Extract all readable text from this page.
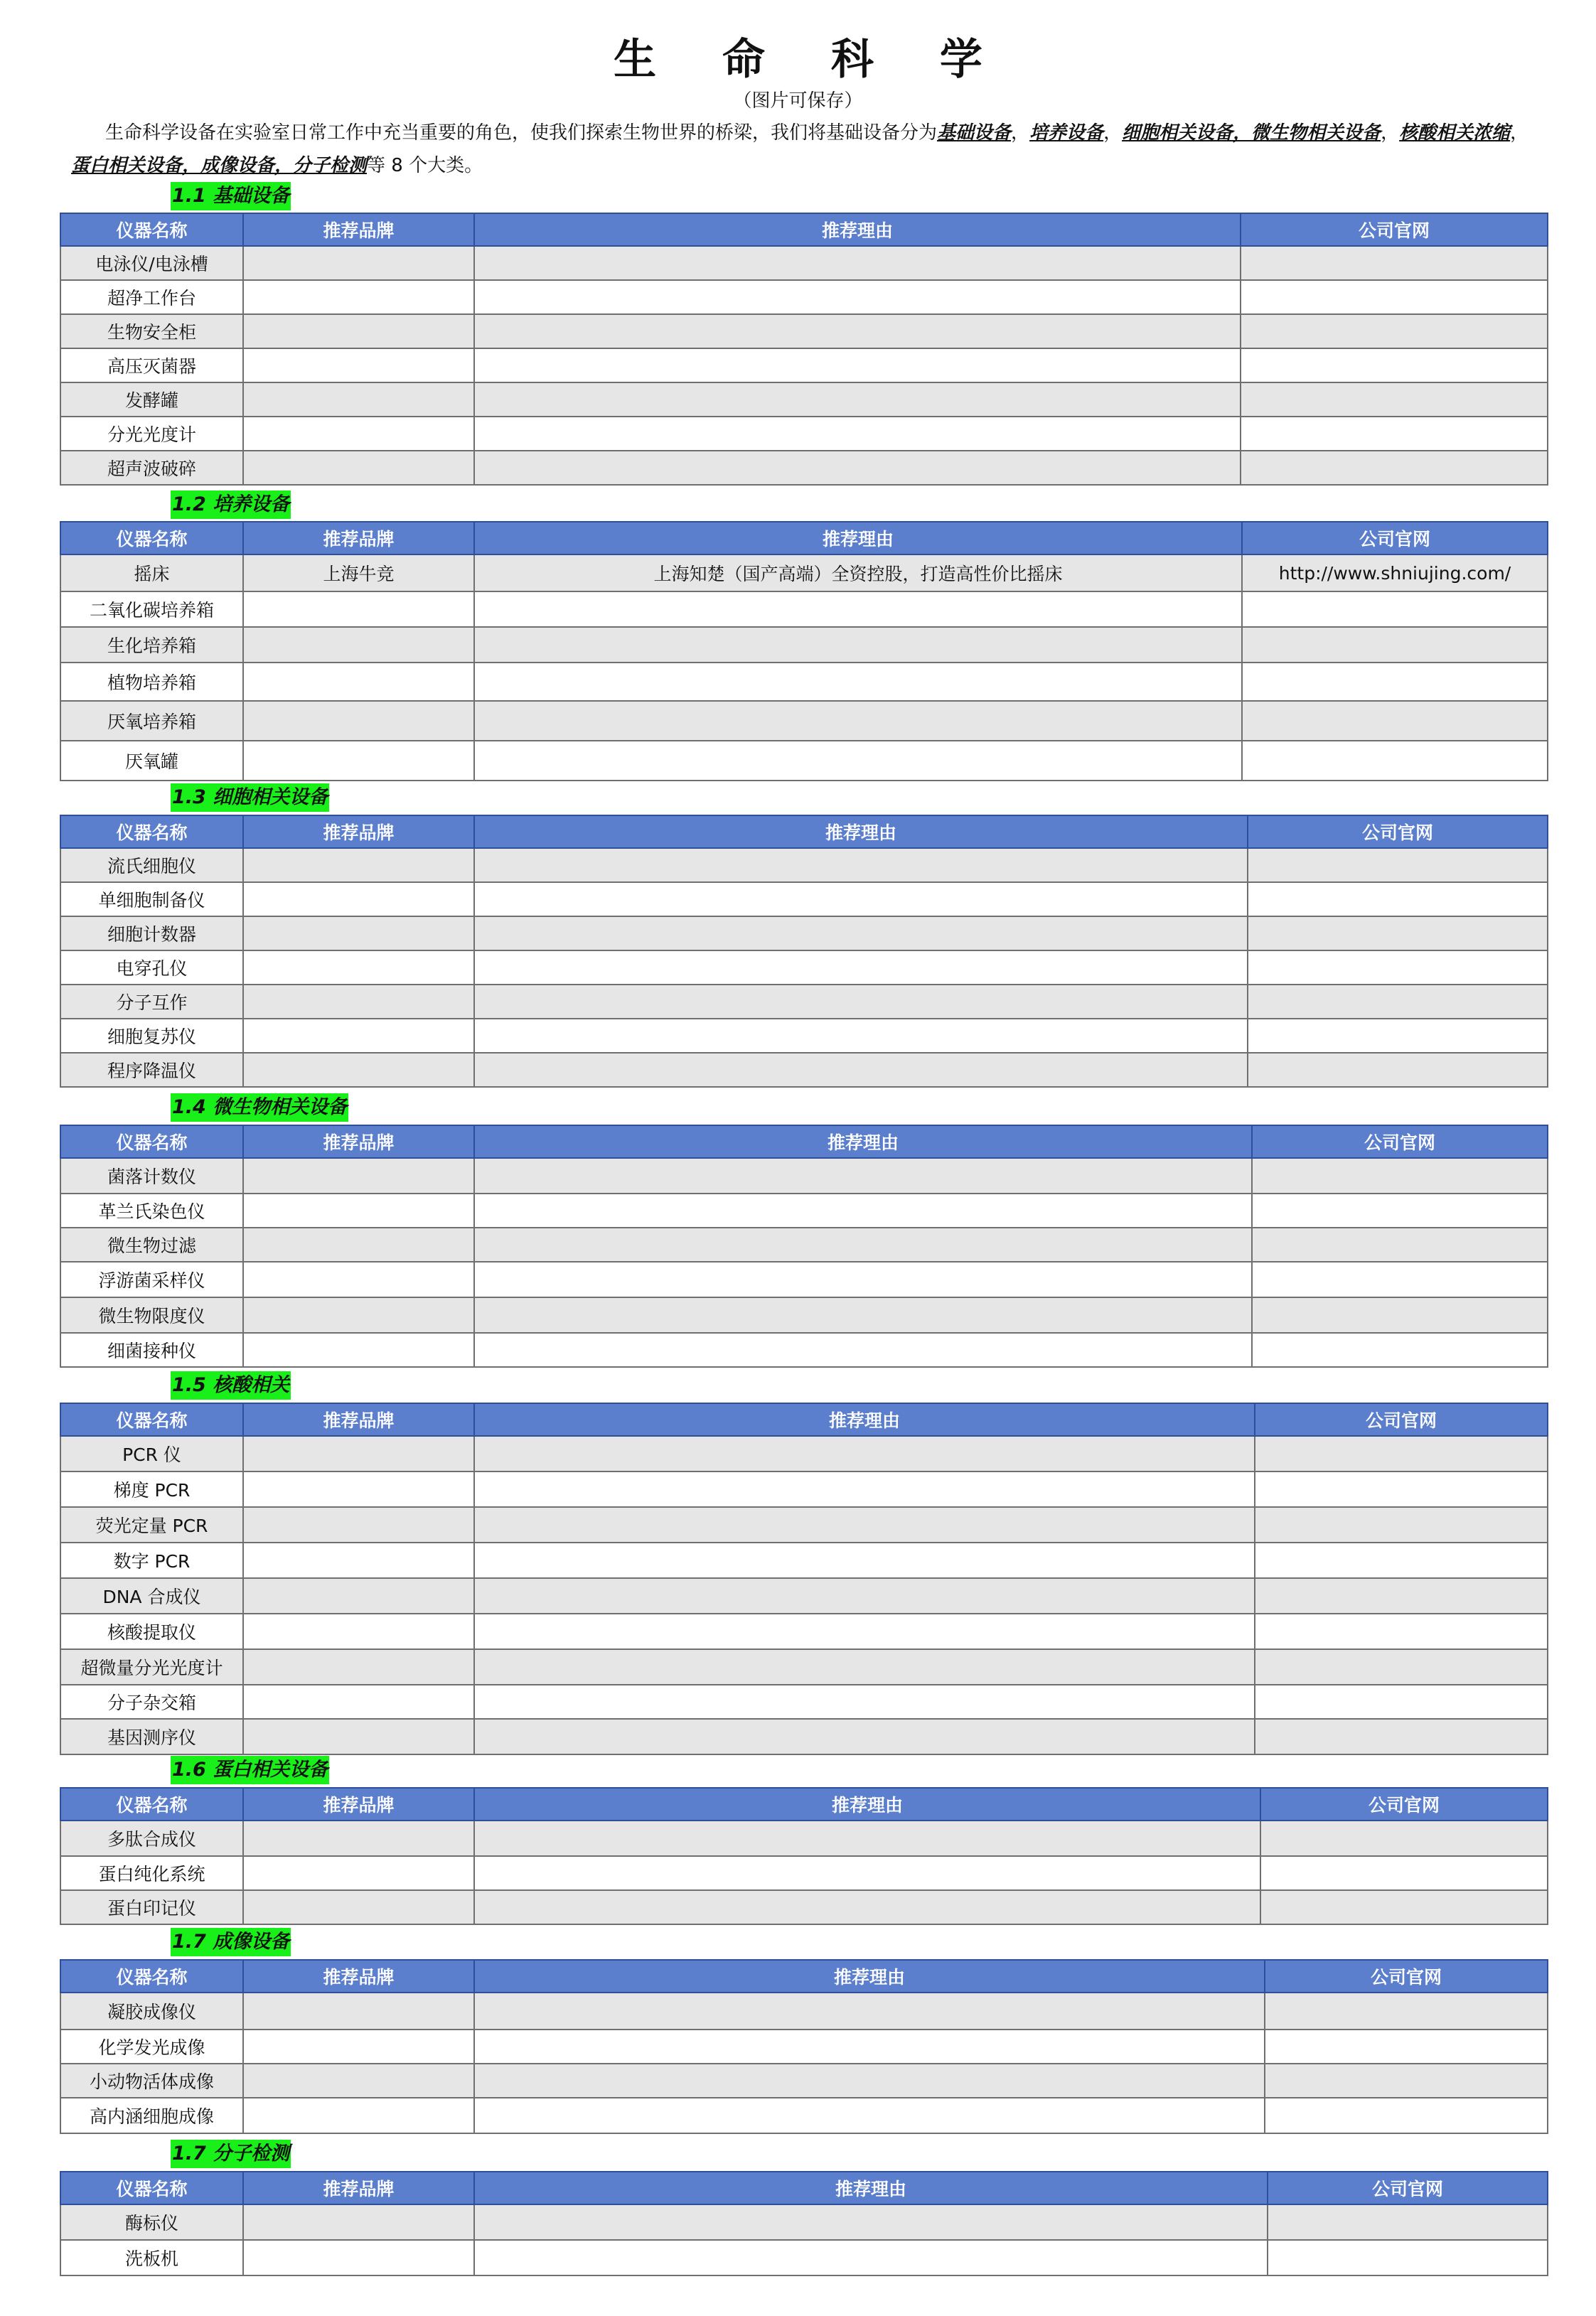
生 命 科 学
（图片可保存）
生命科学设备在实验室日常工作中充当重要的角色，使我们探索生物世界的桥梁，我们将基础设备分为基础设备，培养设备，细胞相关设备，微生物相关设备，核酸相关浓缩，
蛋白相关设备，成像设备，分子检测等 8 个大类。
1.1 基础设备
仪器名称	推荐品牌	推荐理由	公司官网
电泳仪/电泳槽			
超净工作台			
生物安全柜			
高压灭菌器			
发酵罐			
分光光度计			
超声波破碎			
1.2 培养设备
仪器名称	推荐品牌	推荐理由	公司官网
摇床	上海牛竞	上海知楚（国产高端）全资控股，打造高性价比摇床	http://www.shniujing.com/
二氧化碳培养箱			
生化培养箱			
植物培养箱			
厌氧培养箱			
厌氧罐			
1.3 细胞相关设备
仪器名称	推荐品牌	推荐理由	公司官网
流氏细胞仪			
单细胞制备仪			
细胞计数器			
电穿孔仪			
分子互作			
细胞复苏仪			
程序降温仪			
1.4 微生物相关设备
仪器名称	推荐品牌	推荐理由	公司官网
菌落计数仪			
革兰氏染色仪			
微生物过滤			
浮游菌采样仪			
微生物限度仪			
细菌接种仪			
1.5 核酸相关
仪器名称	推荐品牌	推荐理由	公司官网
PCR 仪			
梯度 PCR			
荧光定量 PCR			
数字 PCR			
DNA 合成仪			
核酸提取仪			
超微量分光光度计			
分子杂交箱			
基因测序仪			
1.6 蛋白相关设备
仪器名称	推荐品牌	推荐理由	公司官网
多肽合成仪			
蛋白纯化系统			
蛋白印记仪			
1.7 成像设备
仪器名称	推荐品牌	推荐理由	公司官网
凝胶成像仪			
化学发光成像			
小动物活体成像			
高内涵细胞成像			
1.7 分子检测
仪器名称	推荐品牌	推荐理由	公司官网
酶标仪			
洗板机			
